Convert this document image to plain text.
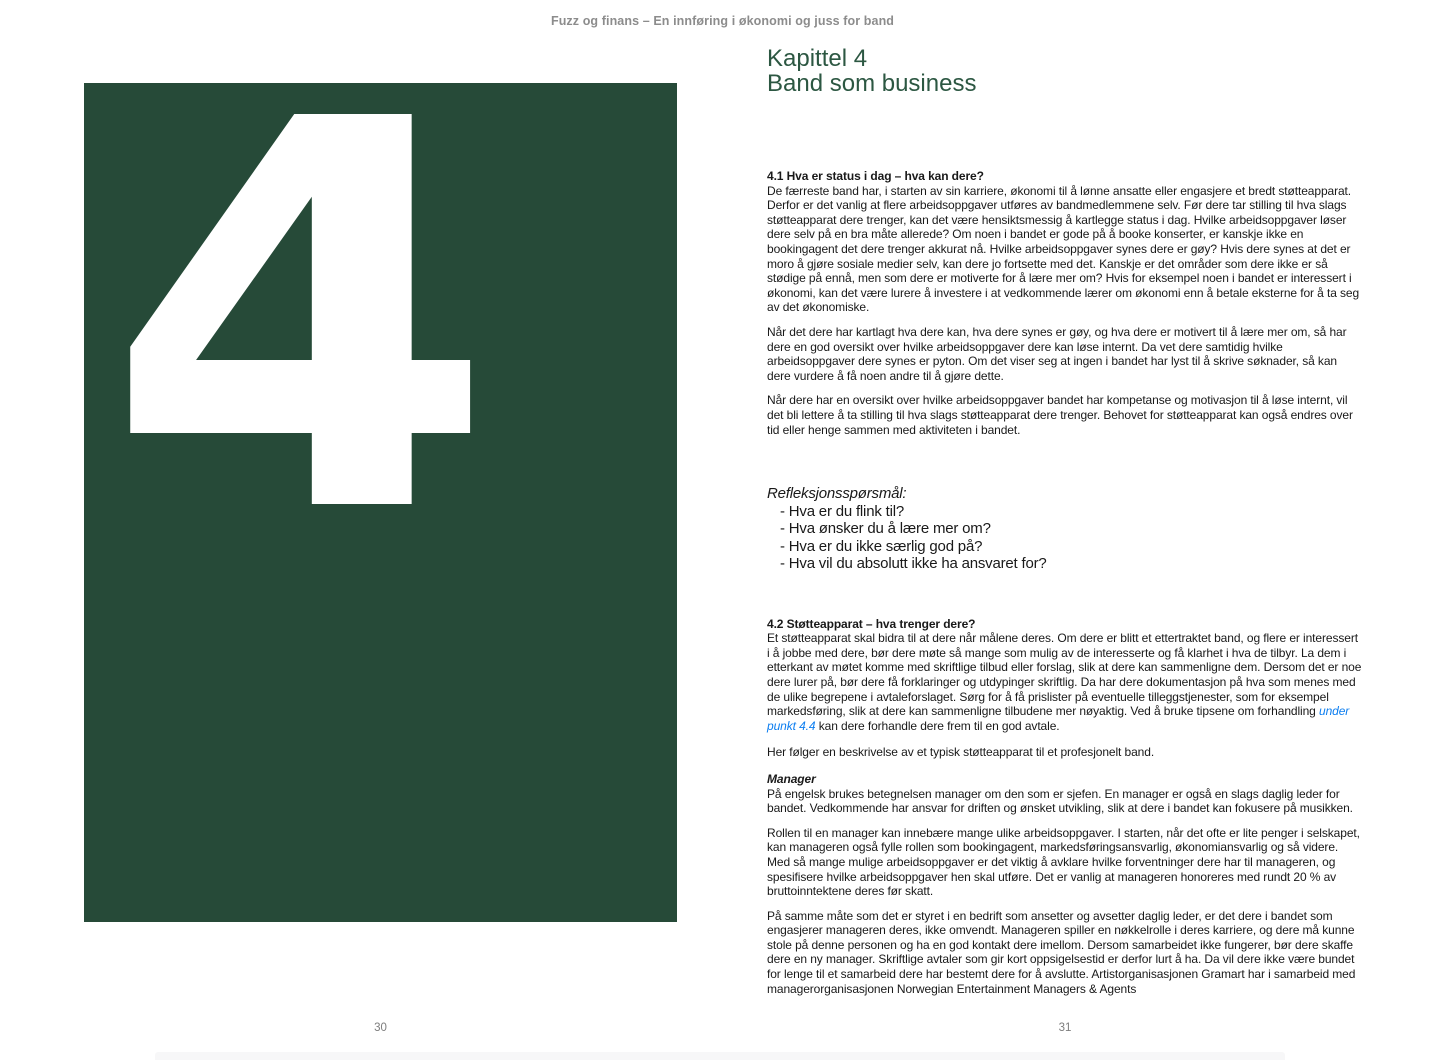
Fuzz og finans – En innføring i økonomi og juss for band
4	Kapittel 4
Band som business
4.1 Hva er status i dag – hva kan dere?

De færreste band har, i starten av sin karriere, økonomi til å lønne ansatte eller engasjere et bredt støtteapparat. Derfor er det vanlig at flere arbeidsoppgaver utføres av bandmedlemmene selv. Før dere tar stilling til hva slags støtteapparat dere trenger, kan det være hensiktsmessig å kartlegge status i dag. Hvilke arbeidsoppgaver løser dere selv på en bra måte allerede? Om noen i bandet er gode på å booke konserter, er kanskje ikke en bookingagent det dere trenger akkurat nå. Hvilke arbeidsoppgaver synes dere er gøy? Hvis dere synes at det er moro å gjøre sosiale medier selv, kan dere jo fortsette med det. Kanskje er det områder som dere ikke er så stødige på ennå, men som dere er motiverte for å lære mer om? Hvis for eksempel noen i bandet er interessert i økonomi, kan det være lurere å investere i at vedkommende lærer om økonomi enn å betale eksterne for å ta seg av det økonomiske.

Når det dere har kartlagt hva dere kan, hva dere synes er gøy, og hva dere er motivert til å lære mer om, så har dere en god oversikt over hvilke arbeidsoppgaver dere kan løse internt. Da vet dere samtidig hvilke arbeidsoppgaver dere synes er pyton. Om det viser seg at ingen i bandet har lyst til å skrive søknader, så kan dere vurdere å få noen andre til å gjøre dette.

Når dere har en oversikt over hvilke arbeidsoppgaver bandet har kompetanse og motivasjon til å løse internt, vil det bli lettere å ta stilling til hva slags støtteapparat dere trenger. Behovet for støtteapparat kan også endres over tid eller henge sammen med aktiviteten i bandet.

Refleksjonsspørsmål:
- Hva er du flink til?
- Hva ønsker du å lære mer om?
- Hva er du ikke særlig god på?
- Hva vil du absolutt ikke ha ansvaret for?
4.2 Støtteapparat – hva trenger dere?

Et støtteapparat skal bidra til at dere når målene deres. Om dere er blitt et ettertraktet band, og flere er interessert i å jobbe med dere, bør dere møte så mange som mulig av de interesserte og få klarhet i hva de tilbyr. La dem i etterkant av møtet komme med skriftlige tilbud eller forslag, slik at dere kan sammenligne dem. Dersom det er noe dere lurer på, bør dere få forklaringer og utdypinger skriftlig. Da har dere dokumentasjon på hva som menes med de ulike begrepene i avtaleforslaget. Sørg for å få prislister på eventuelle tilleggstjenester, som for eksempel markedsføring, slik at dere kan sammenligne tilbudene mer nøyaktig. Ved å bruke tipsene om forhandling under punkt 4.4 kan dere forhandle dere frem til en god avtale.

Her følger en beskrivelse av et typisk støtteapparat til et profesjonelt band.

Manager

På engelsk brukes betegnelsen manager om den som er sjefen. En manager er også en slags daglig leder for bandet. Vedkommende har ansvar for driften og ønsket utvikling, slik at dere i bandet kan fokusere på musikken.

Rollen til en manager kan innebære mange ulike arbeidsoppgaver. I starten, når det ofte er lite penger i selskapet, kan manageren også fylle rollen som bookingagent, markedsføringsansvarlig, økonomiansvarlig og så videre. Med så mange mulige arbeidsoppgaver er det viktig å avklare hvilke forventninger dere har til manageren, og spesifisere hvilke arbeidsoppgaver hen skal utføre. Det er vanlig at manageren honoreres med rundt 20 % av bruttoinntektene deres før skatt.

På samme måte som det er styret i en bedrift som ansetter og avsetter daglig leder, er det dere i bandet som engasjerer manageren deres, ikke omvendt. Manageren spiller en nøkkelrolle i deres karriere, og dere må kunne stole på denne personen og ha en god kontakt dere imellom. Dersom samarbeidet ikke fungerer, bør dere skaffe dere en ny manager. Skriftlige avtaler som gir kort oppsigelsestid er derfor lurt å ha. Da vil dere ikke være bundet for lenge til et samarbeid dere har bestemt dere for å avslutte. Artistorganisasjonen Gramart har i samarbeid med managerorganisasjonen Norwegian Entertainment Managers & Agents

30	31
